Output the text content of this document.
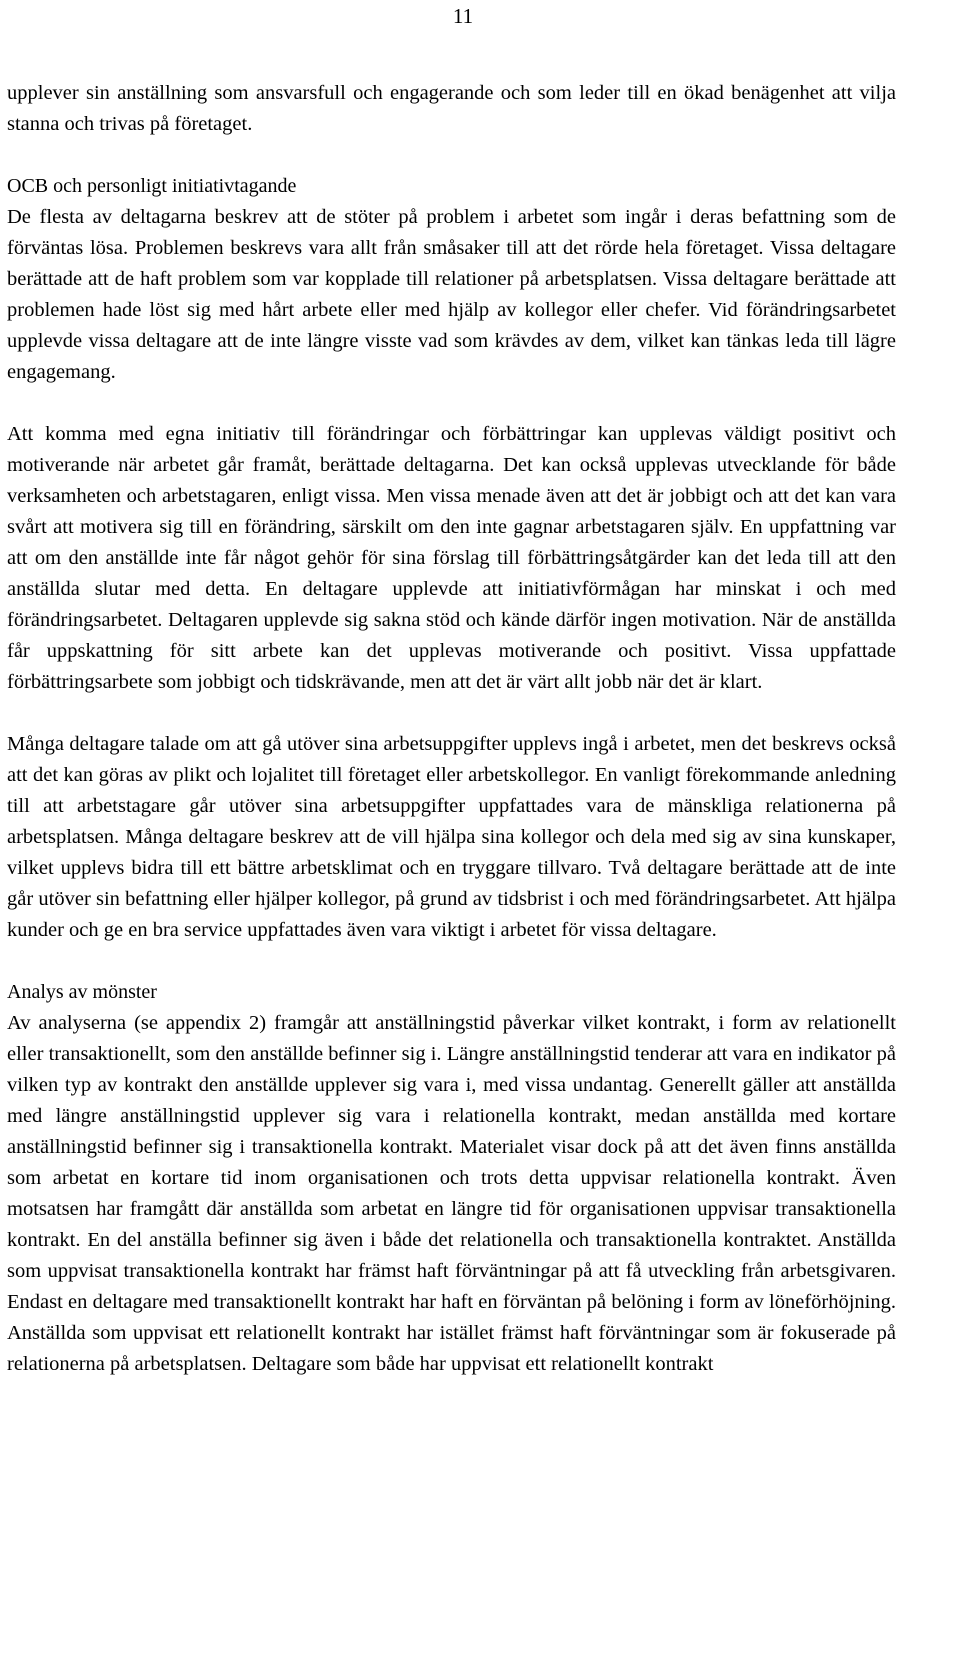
11

upplever sin anställning som ansvarsfull och engagerande och som leder till en ökad benägenhet att vilja stanna och trivas på företaget.

OCB och personligt initiativtagande

De flesta av deltagarna beskrev att de stöter på problem i arbetet som ingår i deras befattning som de förväntas lösa. Problemen beskrevs vara allt från småsaker till att det rörde hela företaget. Vissa deltagare berättade att de haft problem som var kopplade till relationer på arbetsplatsen. Vissa deltagare berättade att problemen hade löst sig med hårt arbete eller med hjälp av kollegor eller chefer. Vid förändringsarbetet upplevde vissa deltagare att de inte längre visste vad som krävdes av dem, vilket kan tänkas leda till lägre engagemang.

Att komma med egna initiativ till förändringar och förbättringar kan upplevas väldigt positivt och motiverande när arbetet går framåt, berättade deltagarna. Det kan också upplevas utvecklande för både verksamheten och arbetstagaren, enligt vissa. Men vissa menade även att det är jobbigt och att det kan vara svårt att motivera sig till en förändring, särskilt om den inte gagnar arbetstagaren själv. En uppfattning var att om den anställde inte får något gehör för sina förslag till förbättringsåtgärder kan det leda till att den anställda slutar med detta. En deltagare upplevde att initiativförmågan har minskat i och med förändringsarbetet. Deltagaren upplevde sig sakna stöd och kände därför ingen motivation. När de anställda får uppskattning för sitt arbete kan det upplevas motiverande och positivt. Vissa uppfattade förbättringsarbete som jobbigt och tidskrävande, men att det är värt allt jobb när det är klart.

Många deltagare talade om att gå utöver sina arbetsuppgifter upplevs ingå i arbetet, men det beskrevs också att det kan göras av plikt och lojalitet till företaget eller arbetskollegor. En vanligt förekommande anledning till att arbetstagare går utöver sina arbetsuppgifter uppfattades vara de mänskliga relationerna på arbetsplatsen. Många deltagare beskrev att de vill hjälpa sina kollegor och dela med sig av sina kunskaper, vilket upplevs bidra till ett bättre arbetsklimat och en tryggare tillvaro. Två deltagare berättade att de inte går utöver sin befattning eller hjälper kollegor, på grund av tidsbrist i och med förändringsarbetet. Att hjälpa kunder och ge en bra service uppfattades även vara viktigt i arbetet för vissa deltagare.

Analys av mönster

Av analyserna (se appendix 2) framgår att anställningstid påverkar vilket kontrakt, i form av relationellt eller transaktionellt, som den anställde befinner sig i. Längre anställningstid tenderar att vara en indikator på vilken typ av kontrakt den anställde upplever sig vara i, med vissa undantag. Generellt gäller att anställda med längre anställningstid upplever sig vara i relationella kontrakt, medan anställda med kortare anställningstid befinner sig i transaktionella kontrakt. Materialet visar dock på att det även finns anställda som arbetat en kortare tid inom organisationen och trots detta uppvisar relationella kontrakt. Även motsatsen har framgått där anställda som arbetat en längre tid för organisationen uppvisar transaktionella kontrakt. En del anställa befinner sig även i både det relationella och transaktionella kontraktet. Anställda som uppvisat transaktionella kontrakt har främst haft förväntningar på att få utveckling från arbetsgivaren. Endast en deltagare med transaktionellt kontrakt har haft en förväntan på belöning i form av löneförhöjning. Anställda som uppvisat ett relationellt kontrakt har istället främst haft förväntningar som är fokuserade på relationerna på arbetsplatsen. Deltagare som både har uppvisat ett relationellt kontrakt
